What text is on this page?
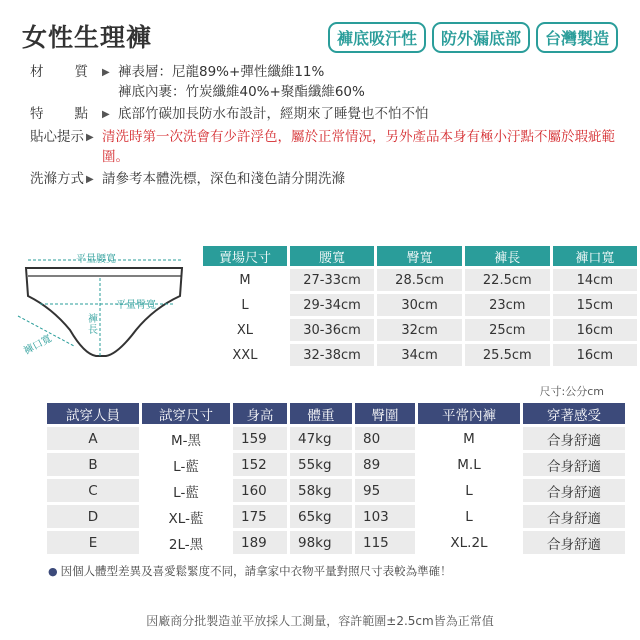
女性生理褲	褲底吸汗性	防外漏底部	台灣製造
材 質 ▶ 褲表層：尼龍89%+彈性纖維11%
褲底內裹：竹炭纖維40%+聚酯纖維60%
特 點 ▶ 底部竹碳加長防水布設計，經期來了睡覺也不怕不怕
貼心提示 ▶ 清洗時第一次洗會有少許浮色，屬於正常情況，另外產品本身有極小汙點不屬於瑕疵範圍。
洗滌方式 ▶ 請參考本體洗標，深色和淺色請分開洗滌
平量腰寬
平量臀寬
褲長
褲口寬
賣場尺寸	腰寬	臀寬	褲長	褲口寬
M	27-33cm	28.5cm	22.5cm	14cm
L	29-34cm	30cm	23cm	15cm
XL	30-36cm	32cm	25cm	16cm
XXL	32-38cm	34cm	25.5cm	16cm
尺寸:公分cm
試穿人員	試穿尺寸	身高	體重	臀圍	平常內褲	穿著感受
A	M-黑	159	47kg	80	M	合身舒適
B	L-藍	152	55kg	89	M.L	合身舒適
C	L-藍	160	58kg	95	L	合身舒適
D	XL-藍	175	65kg	103	L	合身舒適
E	2L-黑	189	98kg	115	XL.2L	合身舒適
● 因個人體型差異及喜愛鬆緊度不同，請拿家中衣物平量對照尺寸表較為準確！
因廠商分批製造並平放採人工測量，容許範圍±2.5cm皆為正常值
